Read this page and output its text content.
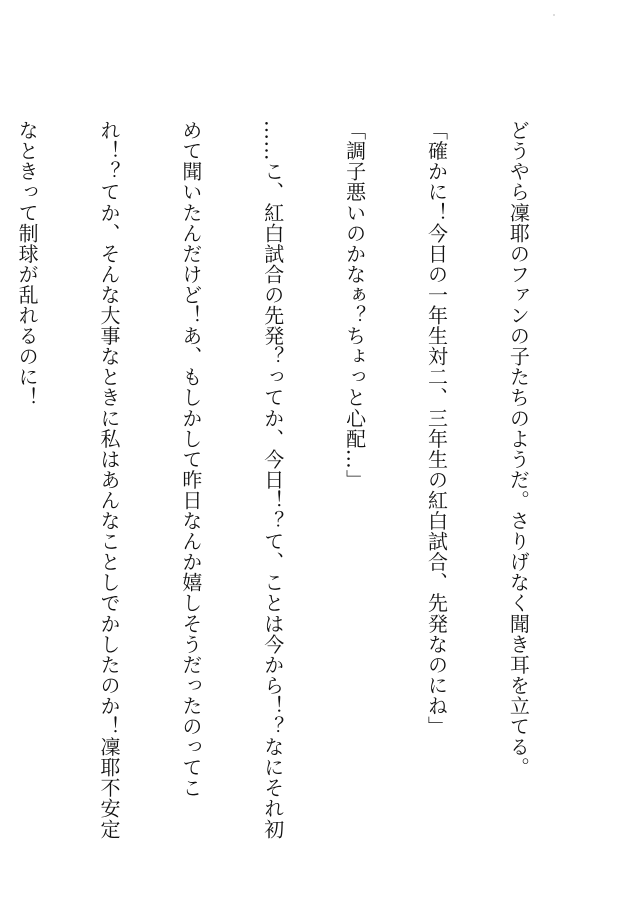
どうやら凜耶のファンの子たちのようだ。さりげなく聞き耳を立てる。

「確かに！今日の一年生対二、三年生の紅白試合、先発なのにね」

「調子悪いのかなぁ？ちょっと心配…」

……こ、紅白試合の先発？ってか、今日！？て、ことは今から！？なにそれ初

めて聞いたんだけど！あ、もしかして昨日なんか嬉しそうだったのってこ

れ！？てか、そんな大事なときに私はあんなことしでかしたのか！凜耶不安定

なときって制球が乱れるのに！
